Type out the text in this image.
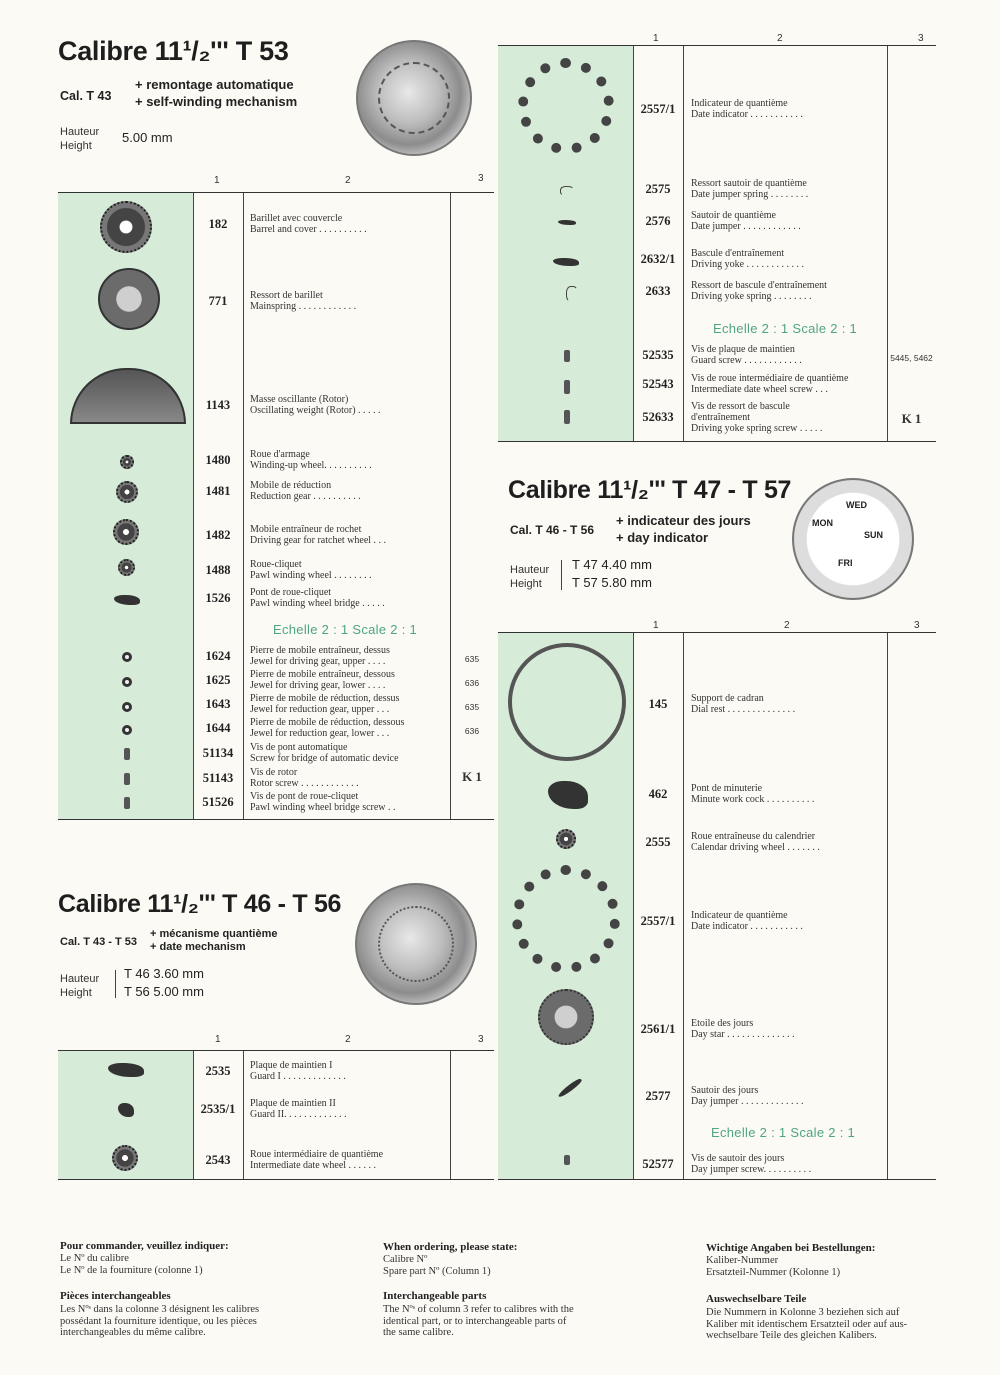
Calibre 11¹/₂''' T 53
Cal. T 43
+ remontage automatique
+ self-winding mechanism
Hauteur
Height
5.00 mm
1	2	3
182	Barillet avec couvercle
Barrel and cover . . . . . . . . . .
771	Ressort de barillet
Mainspring . . . . . . . . . . . .
1143	Masse oscillante (Rotor)
Oscillating weight (Rotor) . . . . .
1480	Roue d'armage
Winding-up wheel. . . . . . . . . .
1481	Mobile de réduction
Reduction gear . . . . . . . . . .
1482	Mobile entraîneur de rochet
Driving gear for ratchet wheel . . .
1488	Roue-cliquet
Pawl winding wheel . . . . . . . .
1526	Pont de roue-cliquet
Pawl winding wheel bridge . . . . .
Echelle 2 : 1 Scale 2 : 1
1624	Pierre de mobile entraîneur, dessus
Jewel for driving gear, upper . . . .	635
1625	Pierre de mobile entraîneur, dessous
Jewel for driving gear, lower . . . .	636
1643	Pierre de mobile de réduction, dessus
Jewel for reduction gear, upper . . .	635
1644	Pierre de mobile de réduction, dessous
Jewel for reduction gear, lower . . .	636
51134	Vis de pont automatique
Screw for bridge of automatic device
51143	Vis de rotor
Rotor screw . . . . . . . . . . . .	K 1
51526	Vis de pont de roue-cliquet
Pawl winding wheel bridge screw . .
Calibre 11¹/₂''' T 46 - T 56
Cal. T 43 - T 53
+ mécanisme quantième
+ date mechanism
Hauteur
Height
T 46 3.60 mm
T 56 5.00 mm
1	2	3
2535	Plaque de maintien I
Guard I . . . . . . . . . . . . .
2535/1	Plaque de maintien II
Guard II. . . . . . . . . . . . .
2543	Roue intermédiaire de quantième
Intermediate date wheel . . . . . .
1	2	3
2557/1	Indicateur de quantième
Date indicator . . . . . . . . . . .
2575	Ressort sautoir de quantième
Date jumper spring . . . . . . . .
2576	Sautoir de quantième
Date jumper . . . . . . . . . . . .
2632/1	Bascule d'entraînement
Driving yoke . . . . . . . . . . . .
2633	Ressort de bascule d'entraînement
Driving yoke spring . . . . . . . .
Echelle 2 : 1 Scale 2 : 1
52535	Vis de plaque de maintien
Guard screw . . . . . . . . . . . .	5445, 5462
52543	Vis de roue intermédiaire de quantième
Intermediate date wheel screw . . .
52633
Vis de ressort de bascule
d'entraînement
Driving yoke spring screw . . . . .
K 1
Calibre 11¹/₂''' T 47 - T 57
Cal. T 46 - T 56
+ indicateur des jours
+ day indicator
Hauteur
Height
T 47 4.40 mm
T 57 5.80 mm
SUN
MON
FRI
WED
1	2	3
145	Support de cadran
Dial rest . . . . . . . . . . . . . .
462	Pont de minuterie
Minute work cock . . . . . . . . . .
2555	Roue entraîneuse du calendrier
Calendar driving wheel . . . . . . .
2557/1	Indicateur de quantième
Date indicator . . . . . . . . . . .
2561/1	Etoile des jours
Day star . . . . . . . . . . . . . .
2577	Sautoir des jours
Day jumper . . . . . . . . . . . . .
Echelle 2 : 1 Scale 2 : 1
52577	Vis de sautoir des jours
Day jumper screw. . . . . . . . . .
Pour commander, veuillez indiquer:
Le Nº du calibre
Le Nº de la fourniture (colonne 1)
Pièces interchangeables
Les Nºˢ dans la colonne 3 désignent les calibres
possédant la fourniture identique, ou les pièces
interchangeables du même calibre.
When ordering, please state:
Calibre Nº
Spare part Nº (Column 1)
Interchangeable parts
The Nºˢ of column 3 refer to calibres with the
identical part, or to interchangeable parts of
the same calibre.
Wichtige Angaben bei Bestellungen:
Kaliber-Nummer
Ersatzteil-Nummer (Kolonne 1)
Auswechselbare Teile
Die Nummern in Kolonne 3 beziehen sich auf
Kaliber mit identischem Ersatzteil oder auf aus-
wechselbare Teile des gleichen Kalibers.
